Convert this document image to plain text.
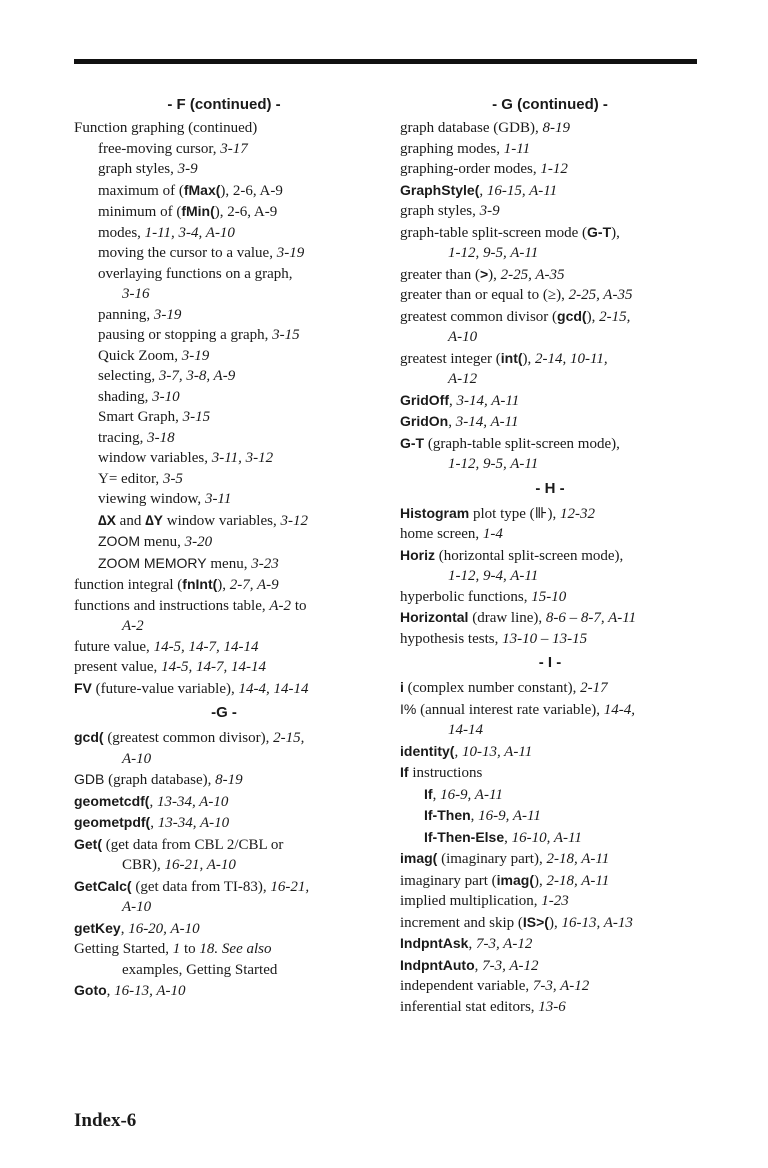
- F (continued) -
Function graphing (continued)
free-moving cursor, 3-17
graph styles, 3-9
maximum of (fMax(), 2-6, A-9
minimum of (fMin(), 2-6, A-9
modes, 1-11, 3-4, A-10
moving the cursor to a value, 3-19
overlaying functions on a graph,
3-16
panning, 3-19
pausing or stopping a graph, 3-15
Quick Zoom, 3-19
selecting, 3-7, 3-8, A-9
shading, 3-10
Smart Graph, 3-15
tracing, 3-18
window variables, 3-11, 3-12
Y= editor, 3-5
viewing window, 3-11
∆X and ∆Y window variables, 3-12
ZOOM menu, 3-20
ZOOM MEMORY menu, 3-23
function integral (fnInt(), 2-7, A-9
functions and instructions table, A-2 to
A-2
future value, 14-5, 14-7, 14-14
present value, 14-5, 14-7, 14-14
FV (future-value variable), 14-4, 14-14
-G -
gcd( (greatest common divisor), 2-15,
A-10
GDB (graph database), 8-19
geometcdf(, 13-34, A-10
geometpdf(, 13-34, A-10
Get( (get data from CBL 2/CBL or
CBR), 16-21, A-10
GetCalc( (get data from TI-83), 16-21,
A-10
getKey, 16-20, A-10
Getting Started, 1 to 18. See also
examples, Getting Started
Goto, 16-13, A-10
- G (continued) -
graph database (GDB), 8-19
graphing modes, 1-11
graphing-order modes, 1-12
GraphStyle(, 16-15, A-11
graph styles, 3-9
graph-table split-screen mode (G-T),
1-12, 9-5, A-11
greater than (>), 2-25, A-35
greater than or equal to (≥), 2-25, A-35
greatest common divisor (gcd(), 2-15,
A-10
greatest integer (int(), 2-14, 10-11,
A-12
GridOff, 3-14, A-11
GridOn, 3-14, A-11
G-T (graph-table split-screen mode),
1-12, 9-5, A-11
- H -
Histogram plot type (⊪), 12-32
home screen, 1-4
Horiz (horizontal split-screen mode),
1-12, 9-4, A-11
hyperbolic functions, 15-10
Horizontal (draw line), 8-6 – 8-7, A-11
hypothesis tests, 13-10 – 13-15
- I -
i (complex number constant), 2-17
I% (annual interest rate variable), 14-4,
14-14
identity(, 10-13, A-11
If instructions
If, 16-9, A-11
If-Then, 16-9, A-11
If-Then-Else, 16-10, A-11
imag( (imaginary part), 2-18, A-11
imaginary part (imag(), 2-18, A-11
implied multiplication, 1-23
increment and skip (IS>(), 16-13, A-13
IndpntAsk, 7-3, A-12
IndpntAuto, 7-3, A-12
independent variable, 7-3, A-12
inferential stat editors, 13-6
Index-6
